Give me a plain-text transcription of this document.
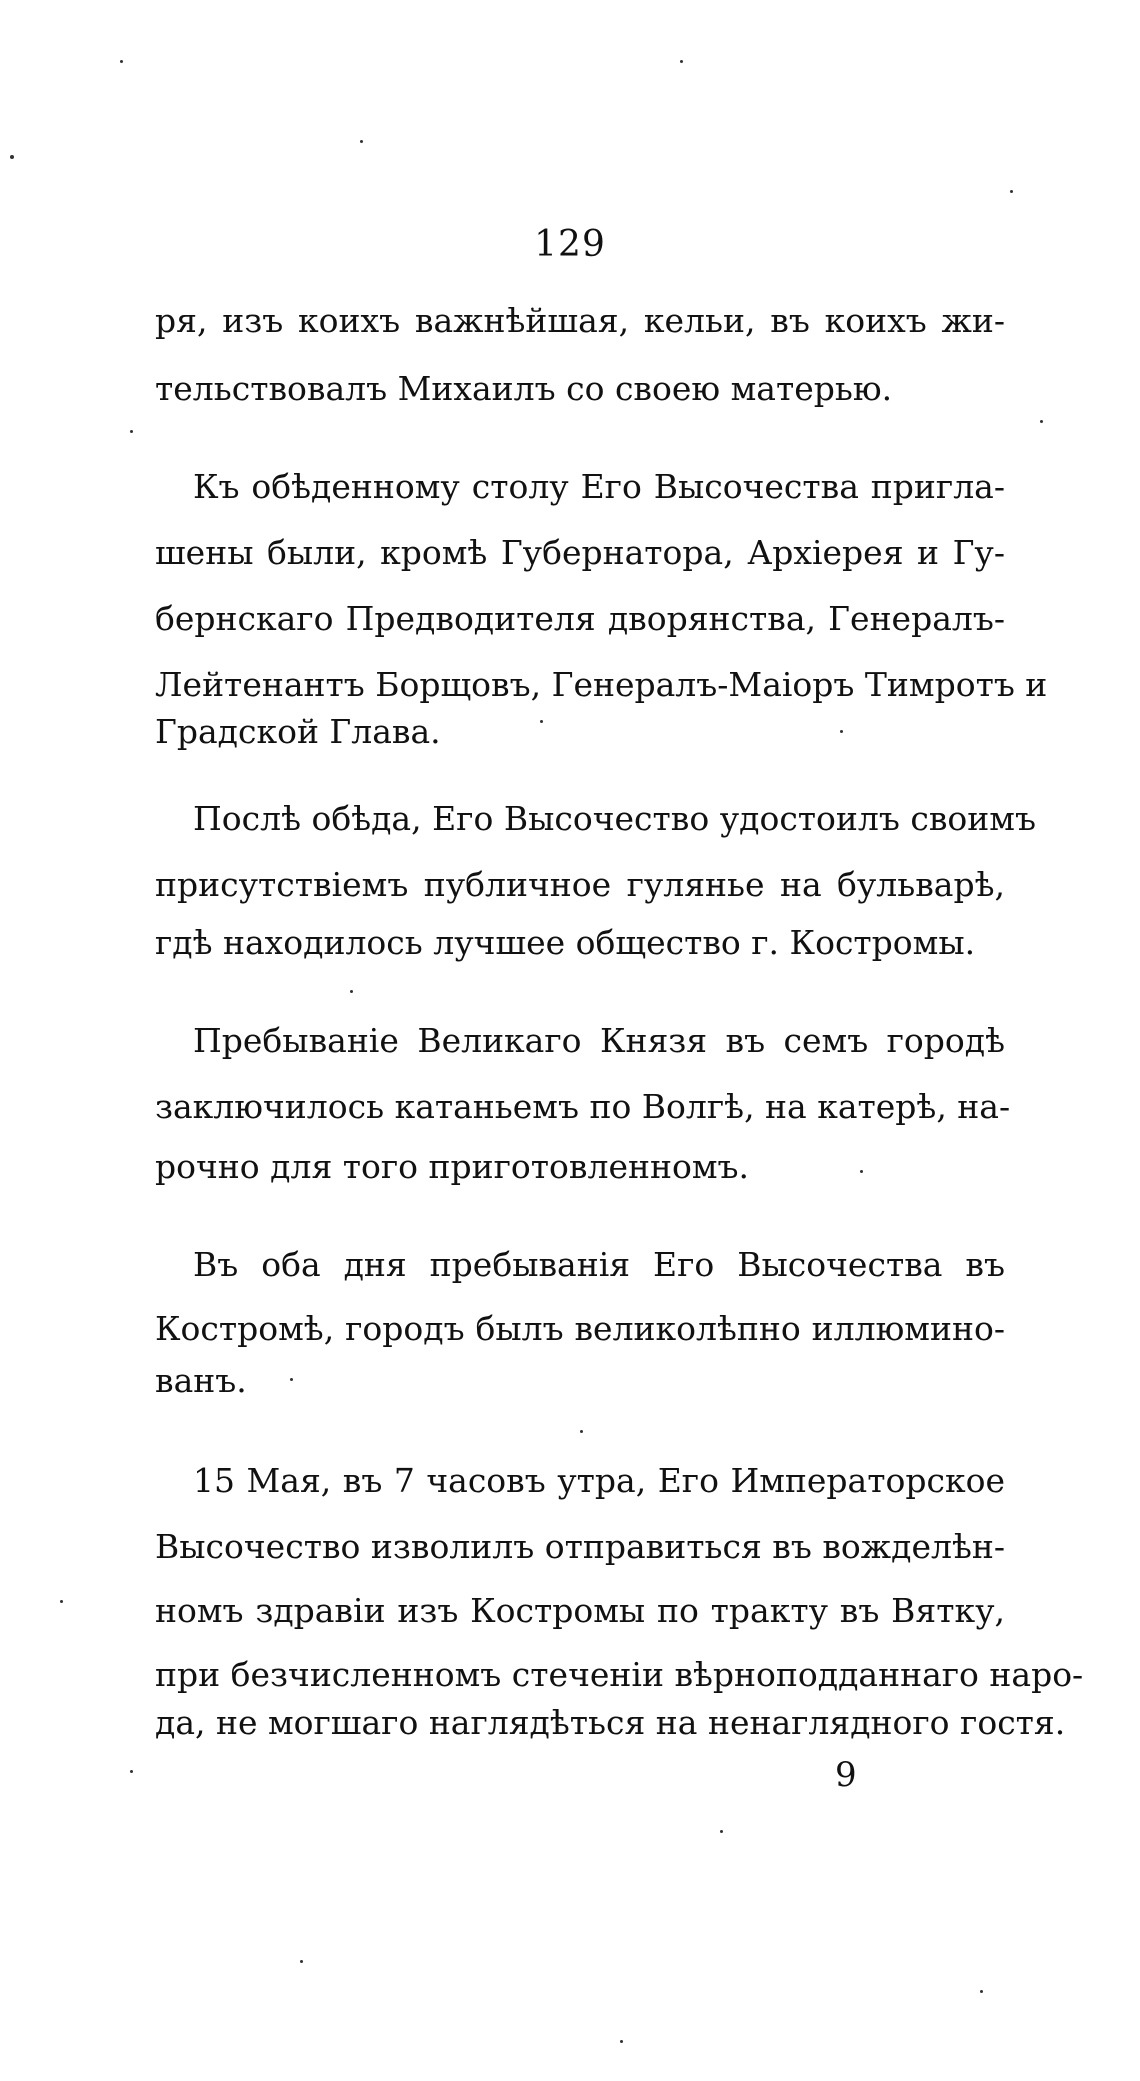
129
ря, изъ коихъ важнѣйшая, кельи, въ коихъ жи-
тельствовалъ Михаилъ со своею матерью.
Къ обѣденному столу Его Высочества пригла-
шены были, кромѣ Губернатора, Архіерея и Гу-
бернскаго Предводителя дворянства, Генералъ-
Лейтенантъ Борщовъ, Генералъ-Маіоръ Тимротъ и
Градской Глава.
Послѣ обѣда, Его Высочество удостоилъ своимъ
присутствіемъ публичное гулянье на бульварѣ,
гдѣ находилось лучшее общество г. Костромы.
Пребываніе Великаго Князя въ семъ городѣ
заключилось катаньемъ по Волгѣ, на катерѣ, на-
рочно для того приготовленномъ.
Въ оба дня пребыванія Его Высочества въ
Костромѣ, городъ былъ великолѣпно иллюмино-
ванъ.
15 Мая, въ 7 часовъ утра, Его Императорское
Высочество изволилъ отправиться въ вожделѣн-
номъ здравіи изъ Костромы по тракту въ Вятку,
при безчисленномъ стеченіи вѣрноподданнаго наро-
да, не могшаго наглядѣться на ненаглядного гостя.
9
